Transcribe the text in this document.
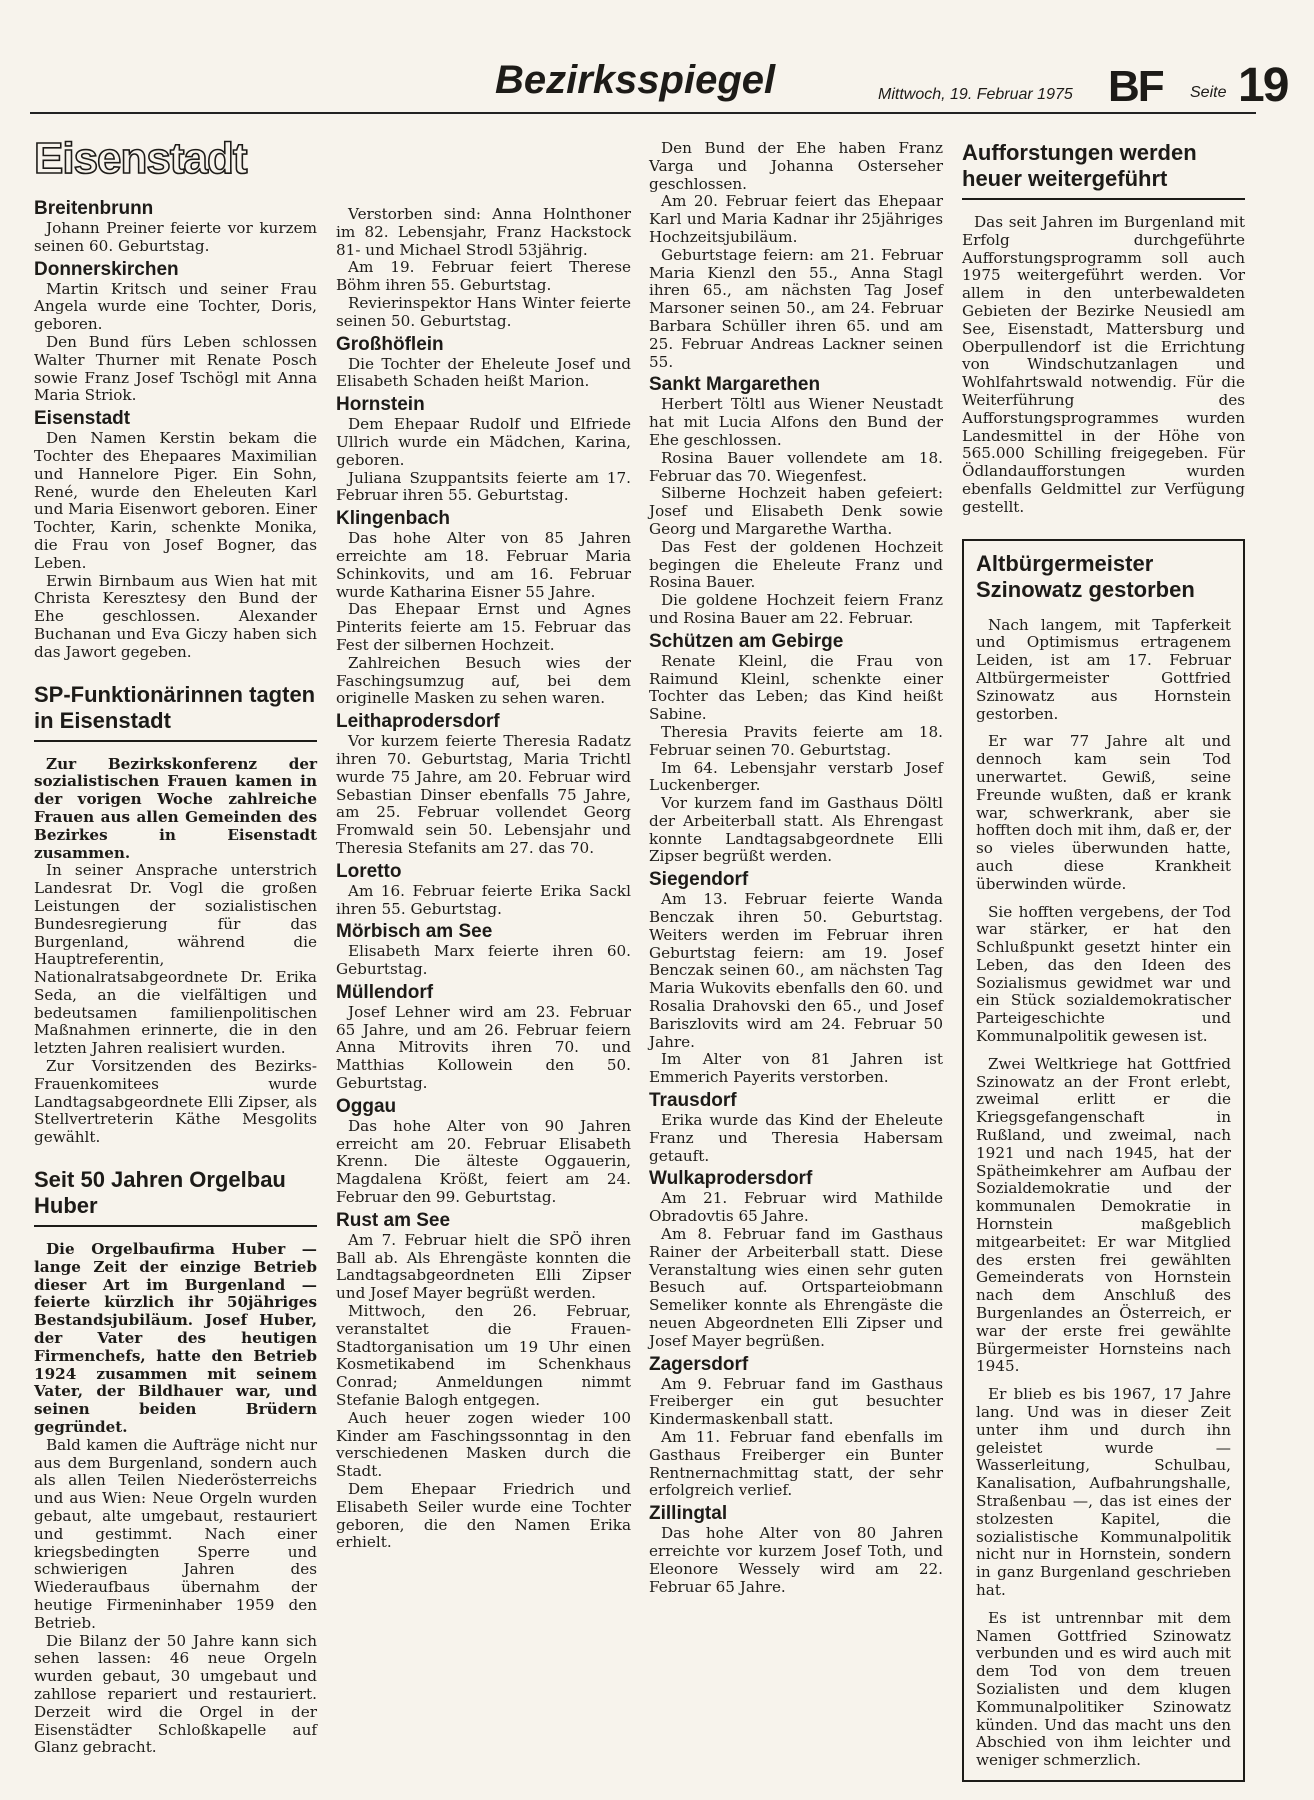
Bezirksspiegel	Mittwoch, 19. Februar 1975 BF Seite 19
Eisenstadt
Breitenbrunn

Johann Preiner feierte vor kurzem seinen 60. Geburtstag.

Donnerskirchen

Martin Kritsch und seiner Frau Angela wurde eine Tochter, Doris, geboren.

Den Bund fürs Leben schlossen Walter Thurner mit Renate Posch sowie Franz Josef Tschögl mit Anna Maria Striok.

Eisenstadt

Den Namen Kerstin bekam die Tochter des Ehepaares Maximilian und Hannelore Piger. Ein Sohn, René, wurde den Eheleuten Karl und Maria Eisenwort geboren. Einer Tochter, Karin, schenkte Monika, die Frau von Josef Bogner, das Leben.

Erwin Birnbaum aus Wien hat mit Christa Keresztesy den Bund der Ehe geschlossen. Alexander Buchanan und Eva Giczy haben sich das Jawort gegeben.

SP-Funktionärinnen tagten in Eisenstadt

Zur Bezirkskonferenz der sozialistischen Frauen kamen in der vorigen Woche zahlreiche Frauen aus allen Gemeinden des Bezirkes in Eisenstadt zusammen.

In seiner Ansprache unterstrich Landesrat Dr. Vogl die großen Leistungen der sozialistischen Bundesregierung für das Burgenland, während die Hauptreferentin, Nationalratsabgeordnete Dr. Erika Seda, an die vielfältigen und bedeutsamen familienpolitischen Maßnahmen erinnerte, die in den letzten Jahren realisiert wurden.

Zur Vorsitzenden des Bezirks-Frauenkomitees wurde Landtagsabgeordnete Elli Zipser, als Stellvertreterin Käthe Mesgolits gewählt.

Seit 50 Jahren Orgelbau Huber

Die Orgelbaufirma Huber — lange Zeit der einzige Betrieb dieser Art im Burgenland — feierte kürzlich ihr 50jähriges Bestandsjubiläum. Josef Huber, der Vater des heutigen Firmenchefs, hatte den Betrieb 1924 zusammen mit seinem Vater, der Bildhauer war, und seinen beiden Brüdern gegründet.

Bald kamen die Aufträge nicht nur aus dem Burgenland, sondern auch als allen Teilen Niederösterreichs und aus Wien: Neue Orgeln wurden gebaut, alte umgebaut, restauriert und gestimmt. Nach einer kriegsbedingten Sperre und schwierigen Jahren des Wiederaufbaus übernahm der heutige Firmeninhaber 1959 den Betrieb.

Die Bilanz der 50 Jahre kann sich sehen lassen: 46 neue Orgeln wurden gebaut, 30 umgebaut und zahllose repariert und restauriert. Derzeit wird die Orgel in der Eisenstädter Schloßkapelle auf Glanz gebracht.

Verstorben sind: Anna Holnthoner im 82. Lebensjahr, Franz Hackstock 81- und Michael Strodl 53jährig.

Am 19. Februar feiert Therese Böhm ihren 55. Geburtstag.

Revierinspektor Hans Winter feierte seinen 50. Geburtstag.

Großhöflein

Die Tochter der Eheleute Josef und Elisabeth Schaden heißt Marion.

Hornstein

Dem Ehepaar Rudolf und Elfriede Ullrich wurde ein Mädchen, Karina, geboren.

Juliana Szuppantsits feierte am 17. Februar ihren 55. Geburtstag.

Klingenbach

Das hohe Alter von 85 Jahren erreichte am 18. Februar Maria Schinkovits, und am 16. Februar wurde Katharina Eisner 55 Jahre.

Das Ehepaar Ernst und Agnes Pinterits feierte am 15. Februar das Fest der silbernen Hochzeit.

Zahlreichen Besuch wies der Faschingsumzug auf, bei dem originelle Masken zu sehen waren.

Leithaprodersdorf

Vor kurzem feierte Theresia Radatz ihren 70. Geburtstag, Maria Trichtl wurde 75 Jahre, am 20. Februar wird Sebastian Dinser ebenfalls 75 Jahre, am 25. Februar vollendet Georg Fromwald sein 50. Lebensjahr und Theresia Stefanits am 27. das 70.

Loretto

Am 16. Februar feierte Erika Sackl ihren 55. Geburtstag.

Mörbisch am See

Elisabeth Marx feierte ihren 60. Geburtstag.

Müllendorf

Josef Lehner wird am 23. Februar 65 Jahre, und am 26. Februar feiern Anna Mitrovits ihren 70. und Matthias Kollowein den 50. Geburtstag.

Oggau

Das hohe Alter von 90 Jahren erreicht am 20. Februar Elisabeth Krenn. Die älteste Oggauerin, Magdalena Krößt, feiert am 24. Februar den 99. Geburtstag.

Rust am See

Am 7. Februar hielt die SPÖ ihren Ball ab. Als Ehrengäste konnten die Landtagsabgeordneten Elli Zipser und Josef Mayer begrüßt werden.

Mittwoch, den 26. Februar, veranstaltet die Frauen-Stadtorganisation um 19 Uhr einen Kosmetikabend im Schenkhaus Conrad; Anmeldungen nimmt Stefanie Balogh entgegen.

Auch heuer zogen wieder 100 Kinder am Faschingssonntag in den verschiedenen Masken durch die Stadt.

Dem Ehepaar Friedrich und Elisabeth Seiler wurde eine Tochter geboren, die den Namen Erika erhielt.

Den Bund der Ehe haben Franz Varga und Johanna Osterseher geschlossen.

Am 20. Februar feiert das Ehepaar Karl und Maria Kadnar ihr 25jähriges Hochzeitsjubiläum.

Geburtstage feiern: am 21. Februar Maria Kienzl den 55., Anna Stagl ihren 65., am nächsten Tag Josef Marsoner seinen 50., am 24. Februar Barbara Schüller ihren 65. und am 25. Februar Andreas Lackner seinen 55.

Sankt Margarethen

Herbert Töltl aus Wiener Neustadt hat mit Lucia Alfons den Bund der Ehe geschlossen.

Rosina Bauer vollendete am 18. Februar das 70. Wiegenfest.

Silberne Hochzeit haben gefeiert: Josef und Elisabeth Denk sowie Georg und Margarethe Wartha.

Das Fest der goldenen Hochzeit begingen die Eheleute Franz und Rosina Bauer.

Die goldene Hochzeit feiern Franz und Rosina Bauer am 22. Februar.

Schützen am Gebirge

Renate Kleinl, die Frau von Raimund Kleinl, schenkte einer Tochter das Leben; das Kind heißt Sabine.

Theresia Pravits feierte am 18. Februar seinen 70. Geburtstag.

Im 64. Lebensjahr verstarb Josef Luckenberger.

Vor kurzem fand im Gasthaus Döltl der Arbeiterball statt. Als Ehrengast konnte Landtagsabgeordnete Elli Zipser begrüßt werden.

Siegendorf

Am 13. Februar feierte Wanda Benczak ihren 50. Geburtstag. Weiters werden im Februar ihren Geburtstag feiern: am 19. Josef Benczak seinen 60., am nächsten Tag Maria Wukovits ebenfalls den 60. und Rosalia Drahovski den 65., und Josef Bariszlovits wird am 24. Februar 50 Jahre.

Im Alter von 81 Jahren ist Emmerich Payerits verstorben.

Trausdorf

Erika wurde das Kind der Eheleute Franz und Theresia Habersam getauft.

Wulkaprodersdorf

Am 21. Februar wird Mathilde Obradovtis 65 Jahre.

Am 8. Februar fand im Gasthaus Rainer der Arbeiterball statt. Diese Veranstaltung wies einen sehr guten Besuch auf. Ortsparteiobmann Semeliker konnte als Ehrengäste die neuen Abgeordneten Elli Zipser und Josef Mayer begrüßen.

Zagersdorf

Am 9. Februar fand im Gasthaus Freiberger ein gut besuchter Kindermaskenball statt.

Am 11. Februar fand ebenfalls im Gasthaus Freiberger ein Bunter Rentnernachmittag statt, der sehr erfolgreich verlief.

Zillingtal

Das hohe Alter von 80 Jahren erreichte vor kurzem Josef Toth, und Eleonore Wessely wird am 22. Februar 65 Jahre.

Aufforstungen werden heuer weitergeführt

Das seit Jahren im Burgenland mit Erfolg durchgeführte Aufforstungsprogramm soll auch 1975 weitergeführt werden. Vor allem in den unterbewaldeten Gebieten der Bezirke Neusiedl am See, Eisenstadt, Mattersburg und Oberpullendorf ist die Errichtung von Windschutzanlagen und Wohlfahrtswald notwendig. Für die Weiterführung des Aufforstungsprogrammes wurden Landesmittel in der Höhe von 565.000 Schilling freigegeben. Für Ödlandaufforstungen wurden ebenfalls Geldmittel zur Verfügung gestellt.

Altbürgermeister Szinowatz gestorben

Nach langem, mit Tapferkeit und Optimismus ertragenem Leiden, ist am 17. Februar Altbürgermeister Gottfried Szinowatz aus Hornstein gestorben.

Er war 77 Jahre alt und dennoch kam sein Tod unerwartet. Gewiß, seine Freunde wußten, daß er krank war, schwerkrank, aber sie hofften doch mit ihm, daß er, der so vieles überwunden hatte, auch diese Krankheit überwinden würde.

Sie hofften vergebens, der Tod war stärker, er hat den Schlußpunkt gesetzt hinter ein Leben, das den Ideen des Sozialismus gewidmet war und ein Stück sozialdemokratischer Parteigeschichte und Kommunalpolitik gewesen ist.

Zwei Weltkriege hat Gottfried Szinowatz an der Front erlebt, zweimal erlitt er die Kriegsgefangenschaft in Rußland, und zweimal, nach 1921 und nach 1945, hat der Spätheimkehrer am Aufbau der Sozialdemokratie und der kommunalen Demokratie in Hornstein maßgeblich mitgearbeitet: Er war Mitglied des ersten frei gewählten Gemeinderats von Hornstein nach dem Anschluß des Burgenlandes an Österreich, er war der erste frei gewählte Bürgermeister Hornsteins nach 1945.

Er blieb es bis 1967, 17 Jahre lang. Und was in dieser Zeit unter ihm und durch ihn geleistet wurde — Wasserleitung, Schulbau, Kanalisation, Aufbahrungshalle, Straßenbau —, das ist eines der stolzesten Kapitel, die sozialistische Kommunalpolitik nicht nur in Hornstein, sondern in ganz Burgenland geschrieben hat.

Es ist untrennbar mit dem Namen Gottfried Szinowatz verbunden und es wird auch mit dem Tod von dem treuen Sozialisten und dem klugen Kommunalpolitiker Szinowatz künden. Und das macht uns den Abschied von ihm leichter und weniger schmerzlich.
